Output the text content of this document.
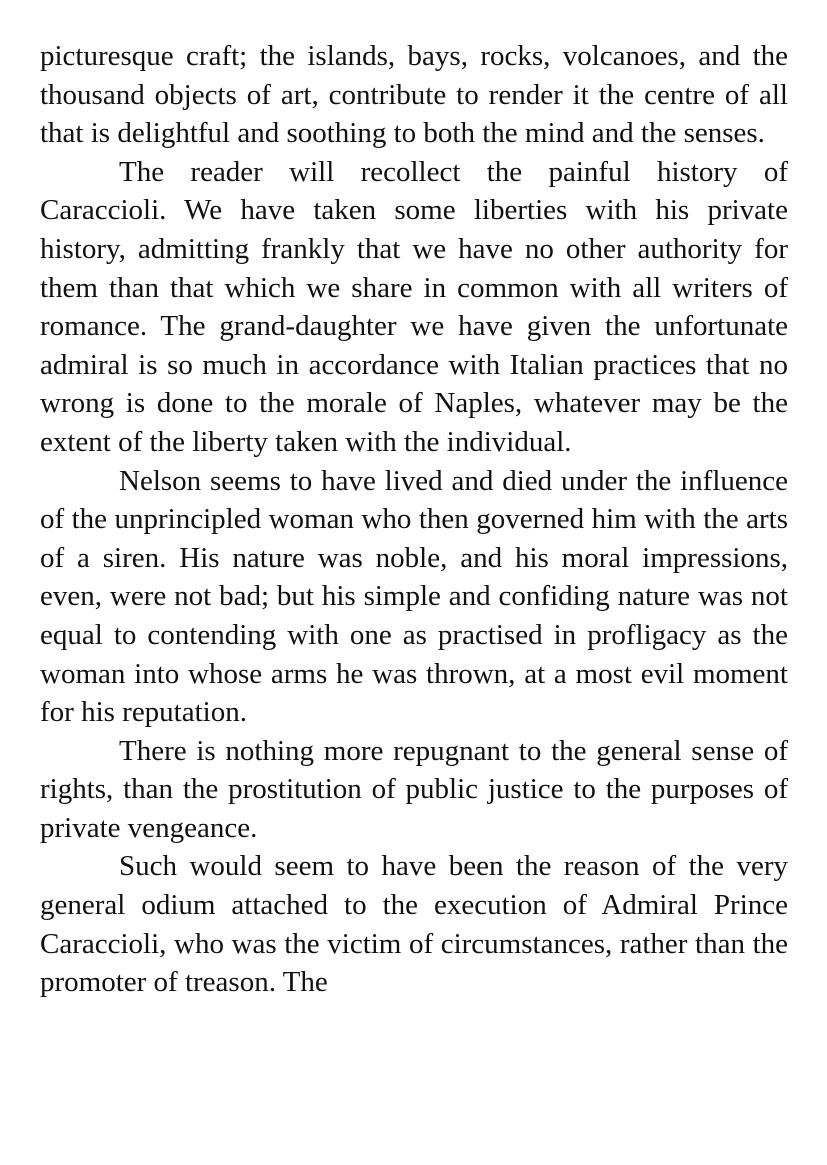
picturesque craft; the islands, bays, rocks, volcanoes, and the thousand objects of art, contribute to render it the centre of all that is delightful and soothing to both the mind and the senses.

The reader will recollect the painful history of Caraccioli. We have taken some liberties with his private history, admitting frankly that we have no other authority for them than that which we share in common with all writers of romance. The grand-daughter we have given the unfortunate admiral is so much in accordance with Italian practices that no wrong is done to the morale of Naples, whatever may be the extent of the liberty taken with the individual.

Nelson seems to have lived and died under the influence of the unprincipled woman who then governed him with the arts of a siren. His nature was noble, and his moral impressions, even, were not bad; but his simple and confiding nature was not equal to contending with one as practised in profligacy as the woman into whose arms he was thrown, at a most evil moment for his reputation.

There is nothing more repugnant to the general sense of rights, than the prostitution of public justice to the purposes of private vengeance.

Such would seem to have been the reason of the very general odium attached to the execution of Admiral Prince Caraccioli, who was the victim of circumstances, rather than the promoter of treason. The
